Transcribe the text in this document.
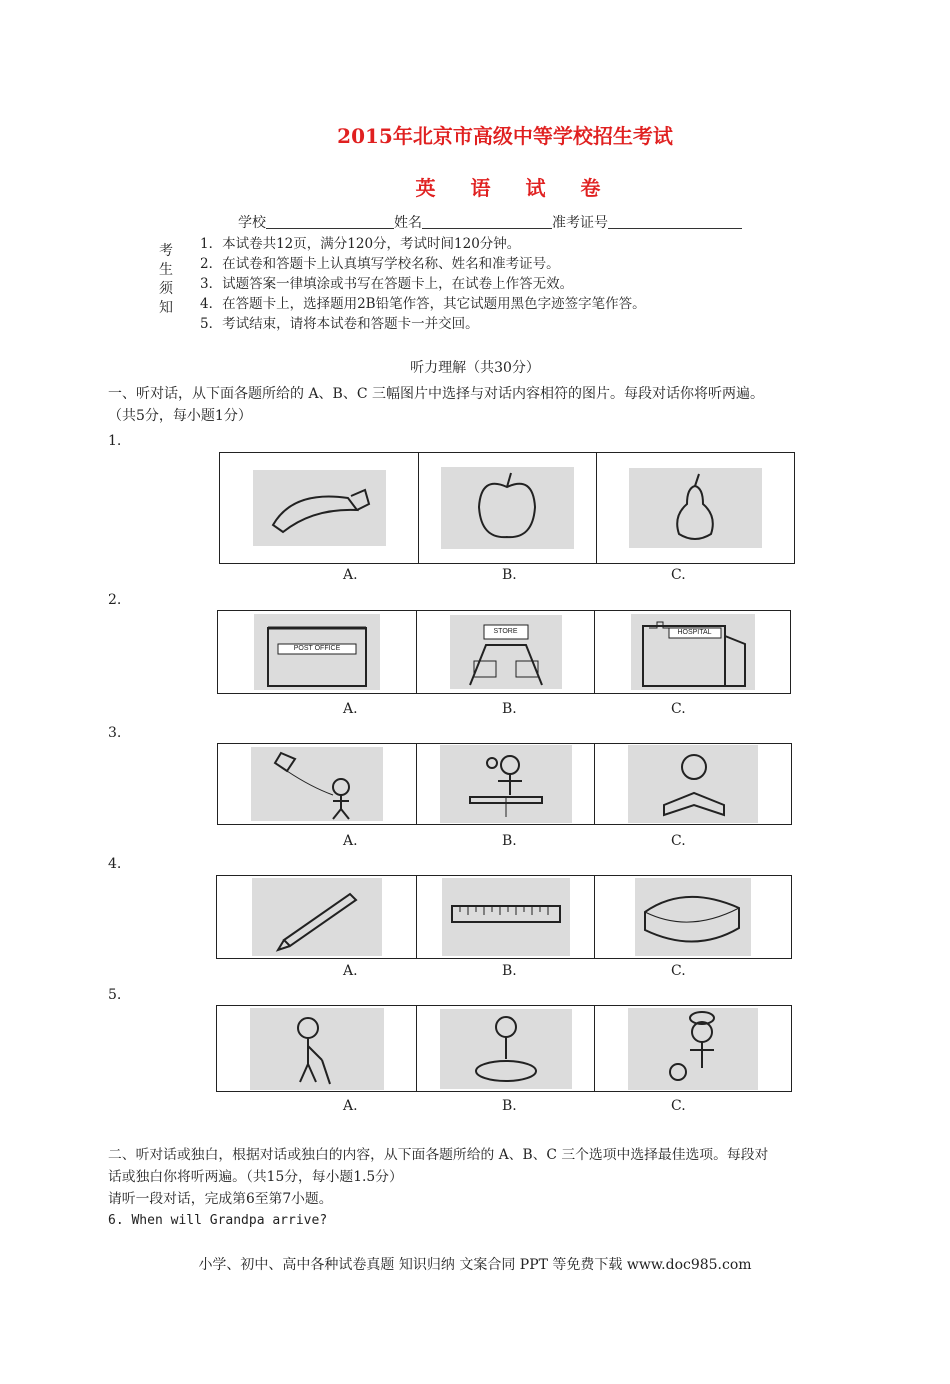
2015年北京市高级中等学校招生考试
英 语 试 卷
学校	姓名	准考证号
考
生
须
知
1．本试卷共12页，满分120分，考试时间120分钟。
2．在试卷和答题卡上认真填写学校名称、姓名和准考证号。
3．试题答案一律填涂或书写在答题卡上，在试卷上作答无效。
4．在答题卡上，选择题用2B铅笔作答，其它试题用黑色字迹签字笔作答。
5．考试结束，请将本试卷和答题卡一并交回。
听力理解（共30分）
一、听对话，从下面各题所给的 A、B、C 三幅图片中选择与对话内容相符的图片。每段对话你将听两遍。
（共5分，每小题1分）
1.
A.	B.	C.
2.
POST OFFICE
STORE	HOSPITAL
A.	B.	C.
3.
A.	B.	C.
4.
A.	B.	C.
5.
A.	B.	C.
二、听对话或独白，根据对话或独白的内容，从下面各题所给的 A、B、C 三个选项中选择最佳选项。每段对
话或独白你将听两遍。（共15分，每小题1.5分）
请听一段对话，完成第6至第7小题。
6. When will Grandpa arrive?
小学、初中、高中各种试卷真题 知识归纳 文案合同 PPT 等免费下载 www.doc985.com
